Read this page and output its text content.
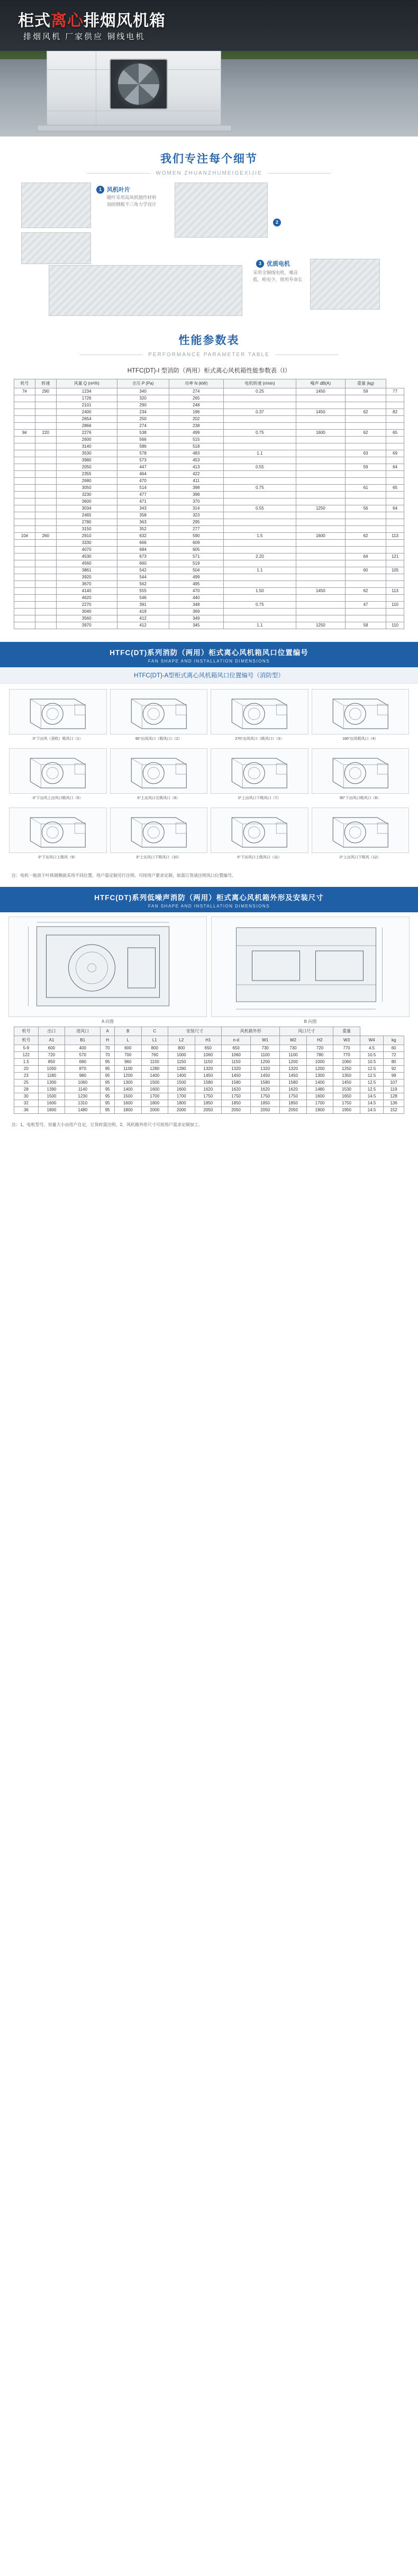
柜式离心排烟风机箱
排烟风机 厂家供应 铜线电机
我们专注每个细节
WOMEN ZHUANZHUMEIGEXIJIE
1 风机叶片
随叶采用高风机制作材料加固钢板不三角力学设计
2
3 优质电机
采用全铜线电机，噪音低，耗电少，使用寿命长
性能参数表
PERFORMANCE PARAMETER TABLE
HTFC(DT)-I 型消防（两用）柜式离心风机箱性能参数表（I）
机号	转速	风量 Q (m³/h)	全压 P (Pa)	功率 N (kW)	电机转速 (r/min)	噪声 dB(A)	重量 (kg)	
7#	290	1234	340	274	0.25	1450	59	77
		1726	320	265				
		2101	290	248				
		2400	234	196	0.37	1450	62	82
		2654	250	202				
		2866	274	238				
9#	220	2276	538	499	0.75	1600	62	65
		2600	566	515				
		3140	586	518				
		3530	578	483	1.1		63	69
		3980	573	453				
		2050	447	413	0.55		59	64
		2355	464	422				
		2680	470	411				
		3050	514	398	0.75		61	65
		3230	477	398				
		3600	471	370				
		3034	343	314	0.55	1250	56	64
		2465	358	323				
		2780	363	295				
		3150	352	277				
10#	260	2910	632	590	1.5	1600	62	113
		3330	666	609				
		4070	684	605				
		4530	673	571	2.20		64	121
		4560	660	519				
		3861	542	504	1.1		60	105
		3920	544	499				
		3670	562	495				
		4140	555	470	1.50	1450	62	113
		4620	546	440				
		2270	391	348	0.75		47	110
		3040	419	369				
		3560	412	349				
		3970	412	345	1.1	1250	58	110
HTFC(DT)系列消防（两用）柜式离心风机箱风口位置编号
FAN SHAPE AND INSTALLATION DIMENSIONS
HTFC(DT)-A型柜式离心风机箱风口位置编号（消防型）
0°下出风（顶吹）吸风口（1）	90°出风风口（吸风口）（2）	270°出风风口（吸风口）（3）	180°出风吸风口（4）
0°下出风上出风口吸风口（5）	0°上出风口左吸风口（6）	0°上出风口下吸风口（7）	90°下出风口吸风口（8）
0°下出风口上吸风（9）	0°上出风口下吸风口（10）	0°下出风口上吸风口（11）	0°上出风口下吸风（12）
注：电机一般放于叶体圆侧面采用不同位置，用户需定制另行注明。可按用户要求定制，如需订货请注明风口位置编号。
HTFC(DT)系列低噪声消防（两用）柜式离心风机箱外形及安装尺寸
FAN SHAPE AND INSTALLATION DIMENSIONS
A 向图	B 向图
机号	出口	进风口	A	B	C	安装尺寸		风机箱外形		风口尺寸		重量		
机号	A1	B1	H	L	L1	L2	H1	n-d	W1	W2	H2	W3	W4	kg
5-9	600	400	70	600	800	800	650	650	730	730	720	770	4.5	60
122	720	570	70	700	760	1000	1060	1060	1100	1100	780	770	10.5	72
1.5	850	690	95	960	1150	1150	1150	1150	1200	1200	1000	1060	10.5	80
20	1050	870	95	1100	1280	1280	1320	1320	1320	1320	1200	1250	12.5	92
23	1180	980	95	1200	1400	1400	1450	1450	1450	1450	1300	1350	12.5	99
25	1300	1060	95	1300	1500	1500	1580	1580	1580	1580	1400	1450	12.5	107
28	1390	1140	95	1400	1600	1600	1620	1620	1620	1620	1480	1530	12.5	119
30	1500	1230	95	1500	1700	1700	1750	1750	1750	1750	1600	1650	14.5	128
32	1600	1310	95	1600	1800	1800	1850	1850	1850	1850	1700	1750	14.5	136
36	1800	1480	95	1800	2000	2000	2050	2050	2050	2050	1900	1950	14.5	152
注：1、电机型号、容量大小由用户自定，订货时需注明。2、风机箱外形尺寸可按用户需求定制加工。
